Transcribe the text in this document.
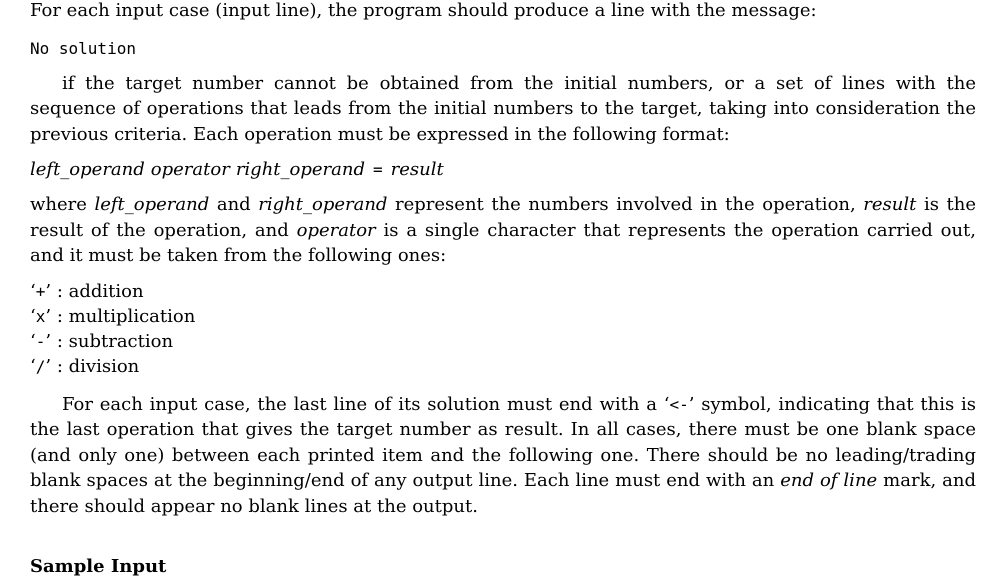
For each input case (input line), the program should produce a line with the message:

No solution

if the target number cannot be obtained from the initial numbers, or a set of lines with the sequence of operations that leads from the initial numbers to the target, taking into consideration the previous criteria. Each operation must be expressed in the following format:

left_operand operator right_operand = result

where left_operand and right_operand represent the numbers involved in the operation, result is the result of the operation, and operator is a single character that represents the operation carried out, and it must be taken from the following ones:

‘+’ : addition
‘x’ : multiplication
‘-’ : subtraction
‘/’ : division

For each input case, the last line of its solution must end with a ‘<-’ symbol, indicating that this is the last operation that gives the target number as result. In all cases, there must be one blank space (and only one) between each printed item and the following one. There should be no leading/trading blank spaces at the beginning/end of any output line. Each line must end with an end of line mark, and there should appear no blank lines at the output.

Sample Input
